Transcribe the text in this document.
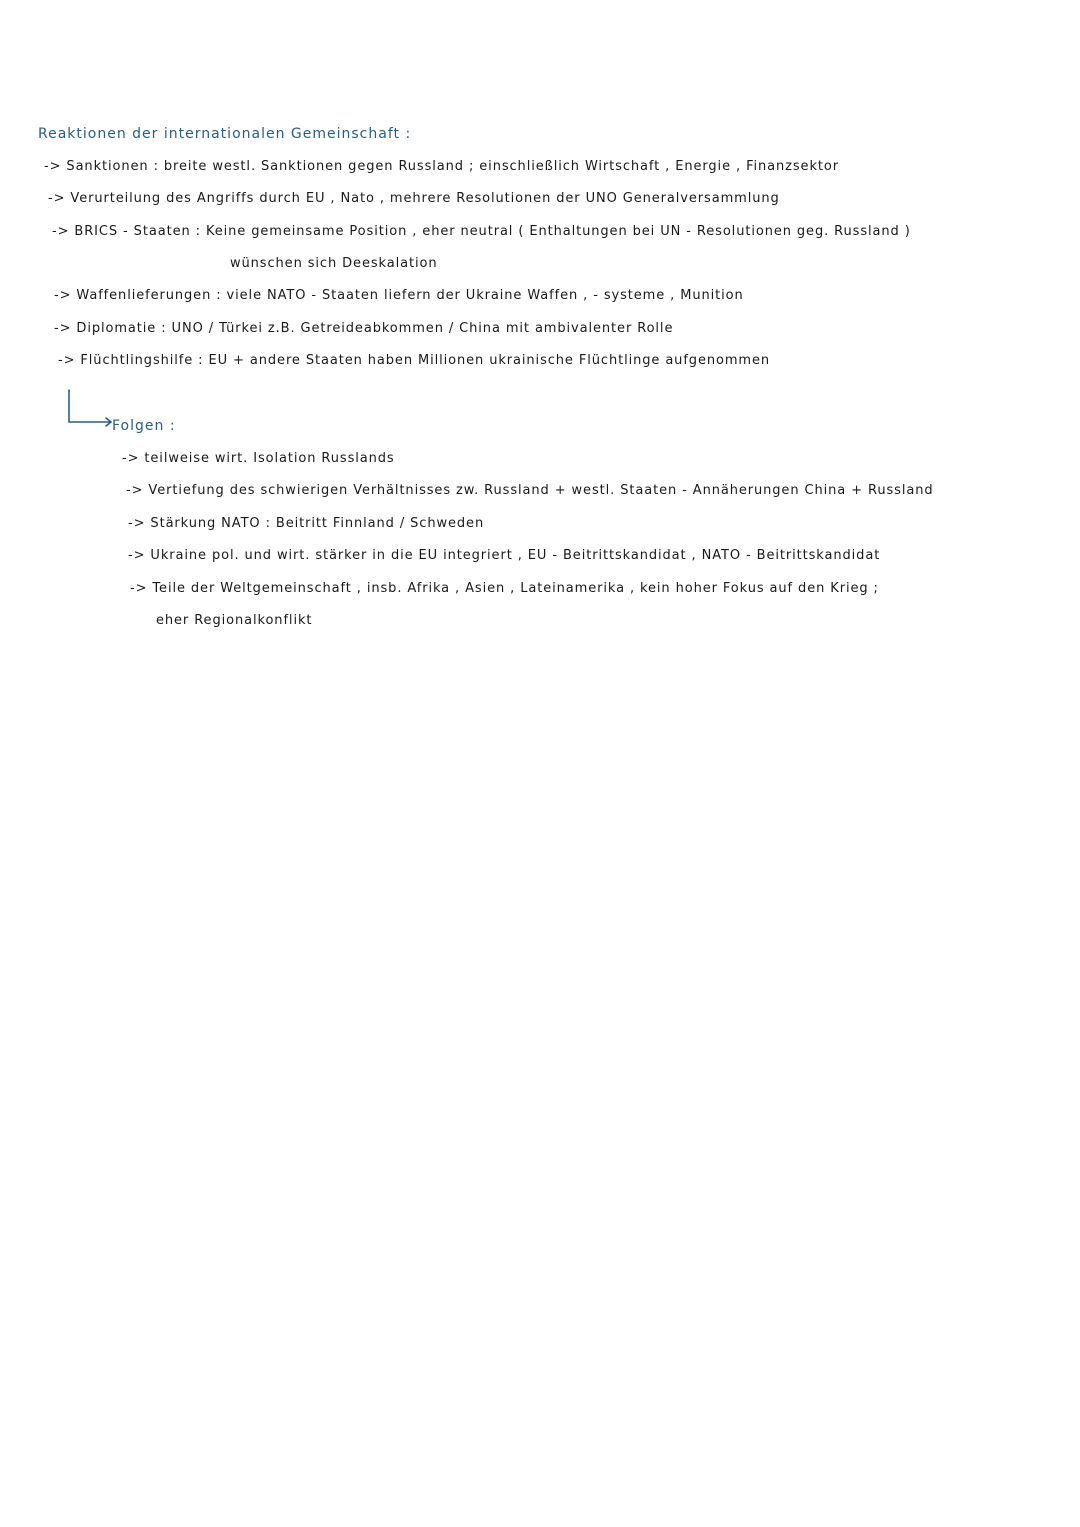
Reaktionen der internationalen Gemeinschaft :
-> Sanktionen : breite westl. Sanktionen gegen Russland ; einschließlich Wirtschaft , Energie , Finanzsektor
-> Verurteilung des Angriffs durch EU , Nato , mehrere Resolutionen der UNO Generalversammlung
-> BRICS - Staaten : Keine gemeinsame Position , eher neutral ( Enthaltungen bei UN - Resolutionen geg. Russland )
wünschen sich Deeskalation
-> Waffenlieferungen : viele NATO - Staaten liefern der Ukraine Waffen , - systeme , Munition
-> Diplomatie : UNO / Türkei z.B. Getreideabkommen / China mit ambivalenter Rolle
-> Flüchtlingshilfe : EU + andere Staaten haben Millionen ukrainische Flüchtlinge aufgenommen
Folgen :
-> teilweise wirt. Isolation Russlands
-> Vertiefung des schwierigen Verhältnisses zw. Russland + westl. Staaten - Annäherungen China + Russland
-> Stärkung NATO : Beitritt Finnland / Schweden
-> Ukraine pol. und wirt. stärker in die EU integriert , EU - Beitrittskandidat , NATO - Beitrittskandidat
-> Teile der Weltgemeinschaft , insb. Afrika , Asien , Lateinamerika , kein hoher Fokus auf den Krieg ;
eher Regionalkonflikt
